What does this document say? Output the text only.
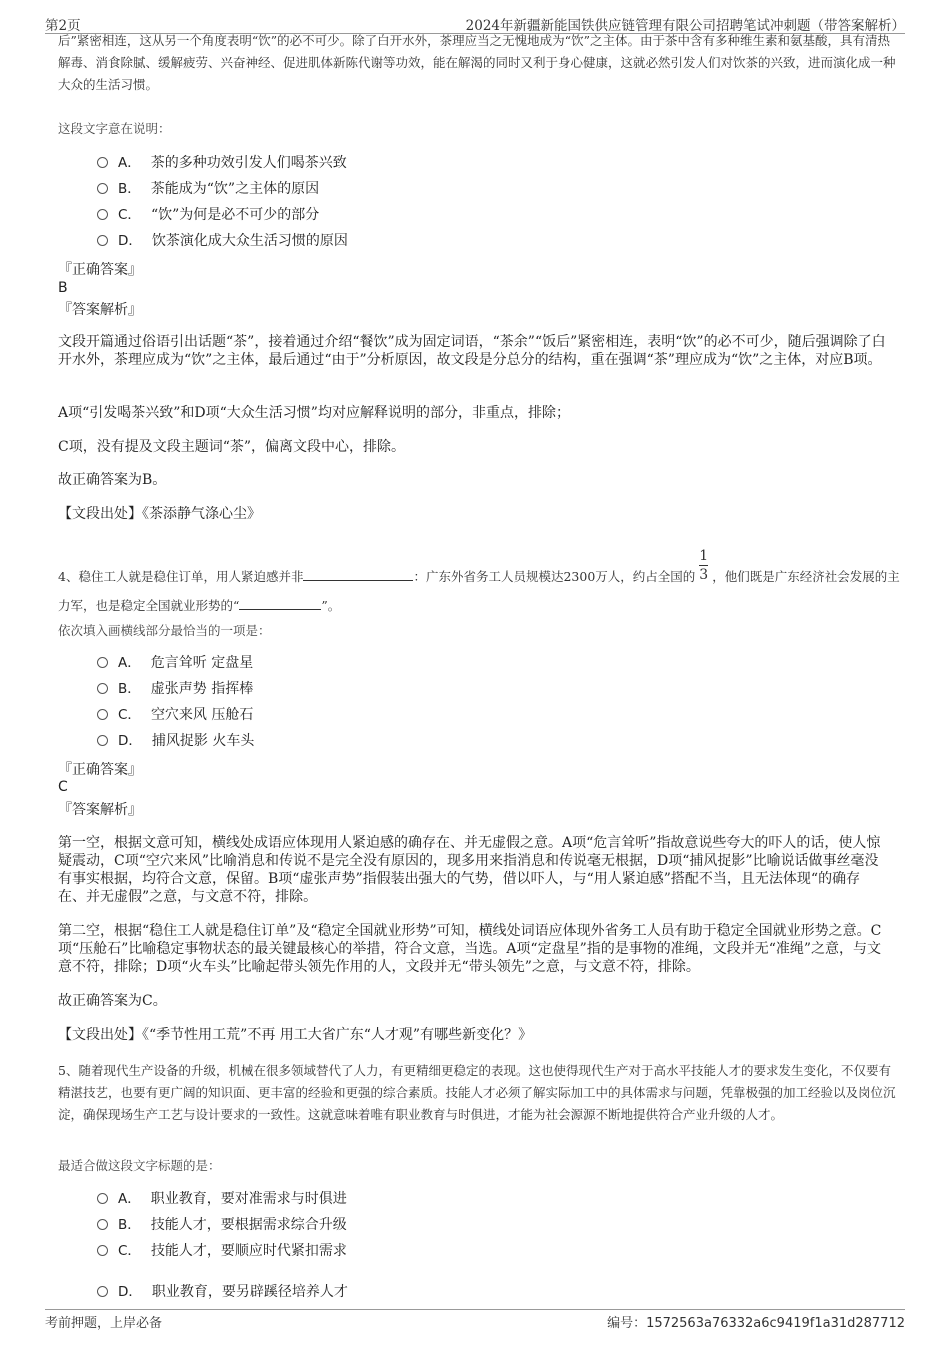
第2页	2024年新疆新能国铁供应链管理有限公司招聘笔试冲刺题（带答案解析）
后”紧密相连，这从另一个角度表明“饮”的必不可少。除了白开水外，茶理应当之无愧地成为“饮”之主体。由于茶中含有多种维生素和氨基酸，具有清热解毒、消食除腻、缓解疲劳、兴奋神经、促进肌体新陈代谢等功效，能在解渴的同时又利于身心健康，这就必然引发人们对饮茶的兴致，进而演化成一种大众的生活习惯。
这段文字意在说明：
A． 茶的多种功效引发人们喝茶兴致
B． 茶能成为“饮”之主体的原因
C． “饮”为何是必不可少的部分
D． 饮茶演化成大众生活习惯的原因
『正确答案』
B
『答案解析』
文段开篇通过俗语引出话题“茶”，接着通过介绍“餐饮”成为固定词语，“茶余”“饭后”紧密相连，表明“饮”的必不可少，随后强调除了白开水外，茶理应成为“饮”之主体，最后通过“由于”分析原因，故文段是分总分的结构，重在强调“茶”理应成为“饮”之主体，对应B项。
A项“引发喝茶兴致”和D项“大众生活习惯”均对应解释说明的部分，非重点，排除；
C项，没有提及文段主题词“茶”，偏离文段中心，排除。
故正确答案为B。
【文段出处】《茶添静气涤心尘》
4、稳住工人就是稳住订单，用人紧迫感并非	：广东外省务工人员规模达2300万人，约占全国的 $\frac{1}{3}$ ，他们既是广东经济社会发展的主力军，也是稳定全国就业形势的“	”。
依次填入画横线部分最恰当的一项是：
A． 危言耸听 定盘星
B． 虚张声势 指挥棒
C． 空穴来风 压舱石
D． 捕风捉影 火车头
『正确答案』
C
『答案解析』
第一空，根据文意可知，横线处成语应体现用人紧迫感的确存在、并无虚假之意。A项“危言耸听”指故意说些夸大的吓人的话，使人惊疑震动，C项“空穴来风”比喻消息和传说不是完全没有原因的，现多用来指消息和传说毫无根据，D项“捕风捉影”比喻说话做事丝毫没有事实根据，均符合文意，保留。B项“虚张声势”指假装出强大的气势，借以吓人，与“用人紧迫感”搭配不当，且无法体现“的确存在、并无虚假”之意，与文意不符，排除。
第二空，根据“稳住工人就是稳住订单”及“稳定全国就业形势”可知，横线处词语应体现外省务工人员有助于稳定全国就业形势之意。C项“压舱石”比喻稳定事物状态的最关键最核心的举措，符合文意，当选。A项“定盘星”指的是事物的准绳，文段并无“准绳”之意，与文意不符，排除；D项“火车头”比喻起带头领先作用的人，文段并无“带头领先”之意，与文意不符，排除。
故正确答案为C。
【文段出处】《“季节性用工荒”不再 用工大省广东“人才观”有哪些新变化？》
5、随着现代生产设备的升级，机械在很多领域替代了人力，有更精细更稳定的表现。这也使得现代生产对于高水平技能人才的要求发生变化，不仅要有精湛技艺，也要有更广阔的知识面、更丰富的经验和更强的综合素质。技能人才必须了解实际加工中的具体需求与问题，凭靠极强的加工经验以及岗位沉淀，确保现场生产工艺与设计要求的一致性。这就意味着唯有职业教育与时俱进，才能为社会源源不断地提供符合产业升级的人才。
最适合做这段文字标题的是：
A． 职业教育，要对准需求与时俱进
B． 技能人才，要根据需求综合升级
C． 技能人才，要顺应时代紧扣需求
D． 职业教育，要另辟蹊径培养人才
考前押题，上岸必备	编号：1572563a76332a6c9419f1a31d287712
